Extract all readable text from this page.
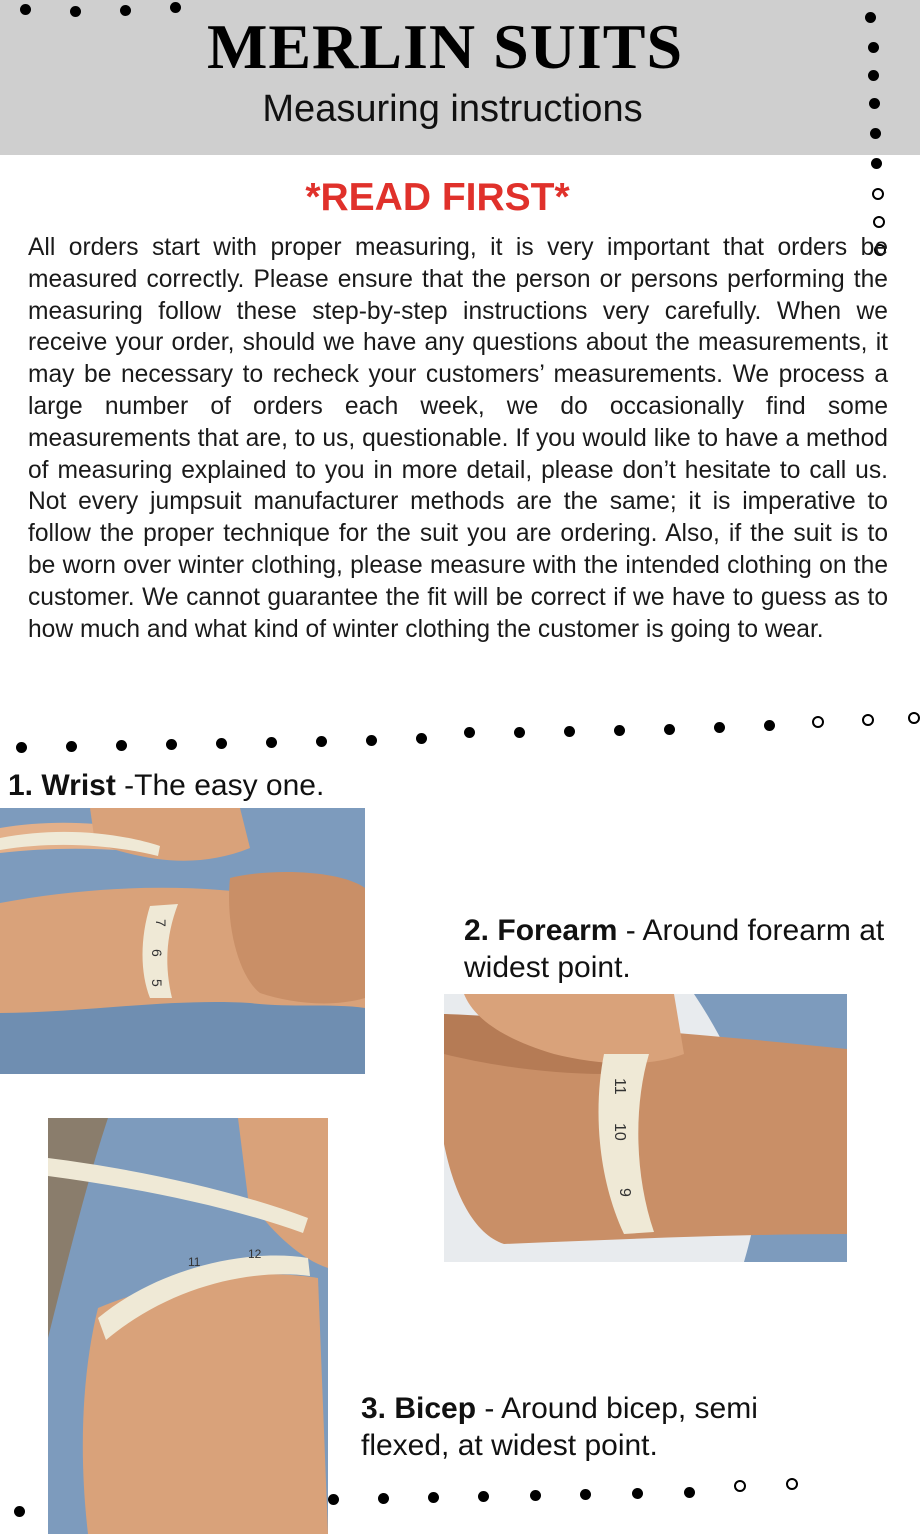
MERLIN SUITS
Measuring instructions
*READ FIRST*
All orders start with proper measuring, it is very important that orders be measured correctly. Please ensure that the person or persons performing the measuring follow these step-by-step instructions very carefully. When we receive your order, should we have any questions about the measurements, it may be necessary to recheck your customers’ measurements. We process a large number of orders each week, we do occasionally find some measurements that are, to us, questionable. If you would like to have a method of measuring explained to you in more detail, please don’t hesitate to call us. Not every jumpsuit manufacturer methods are the same; it is imperative to follow the proper technique for the suit you are ordering. Also, if the suit is to be worn over winter clothing, please measure with the intended clothing on the customer. We cannot guarantee the fit will be correct if we have to guess as to how much and what kind of winter clothing the customer is going to wear.
1. Wrist -The easy one.
7
6
5
2. Forearm - Around forearm at widest point.
11
10
9
11
12
3. Bicep - Around bicep, semi flexed, at widest point.
